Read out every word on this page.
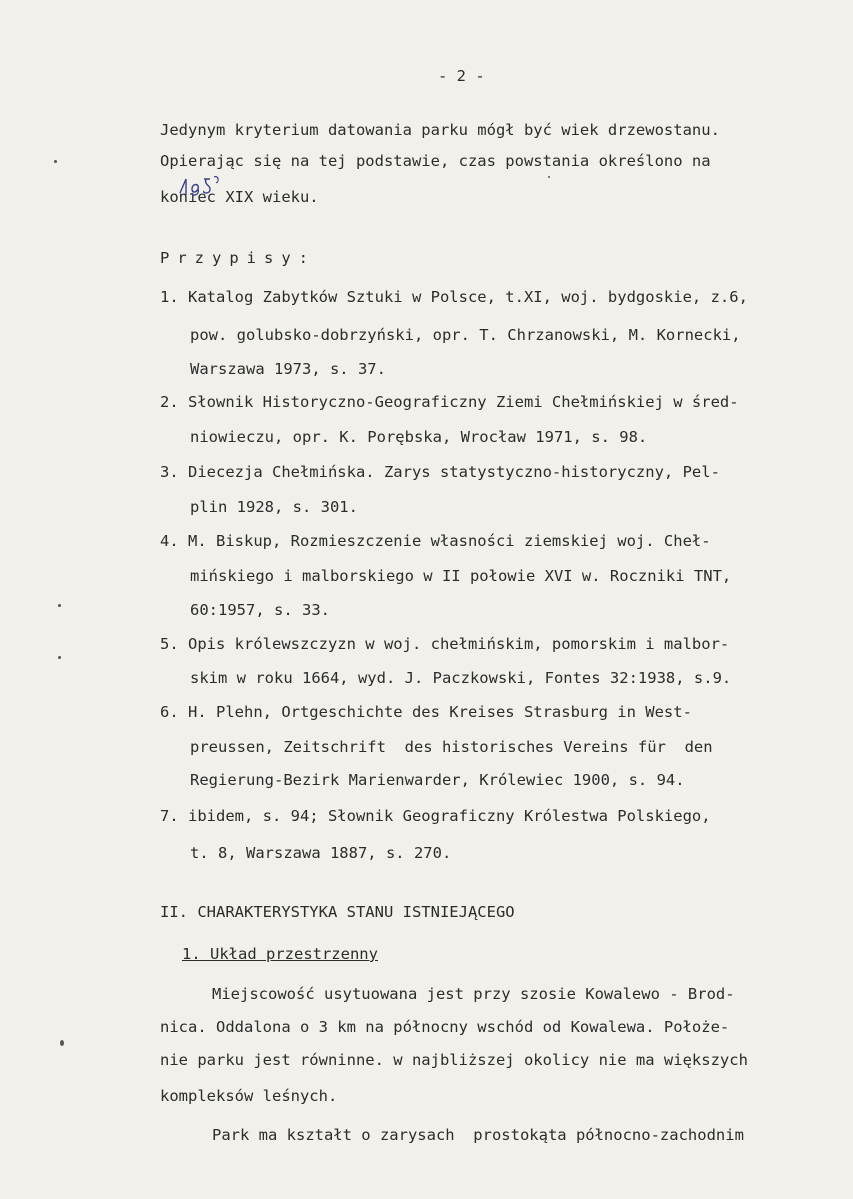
- 2 -
Jedynym kryterium datowania parku mógł być wiek drzewostanu.
Opierając się na tej podstawie, czas powstania określono na
koniec XIX wieku.
Przypisy:
1. Katalog Zabytków Sztuki w Polsce, t.XI, woj. bydgoskie, z.6,
pow. golubsko-dobrzyński, opr. T. Chrzanowski, M. Kornecki,
Warszawa 1973, s. 37.
2. Słownik Historyczno-Geograficzny Ziemi Chełmińskiej w śred-
niowieczu, opr. K. Porębska, Wrocław 1971, s. 98.
3. Diecezja Chełmińska. Zarys statystyczno-historyczny, Pel-
plin 1928, s. 301.
4. M. Biskup, Rozmieszczenie własności ziemskiej woj. Cheł-
mińskiego i malborskiego w II połowie XVI w. Roczniki TNT,
60:1957, s. 33.
5. Opis królewszczyzn w woj. chełmińskim, pomorskim i malbor-
skim w roku 1664, wyd. J. Paczkowski, Fontes 32:1938, s.9.
6. H. Plehn, Ortgeschichte des Kreises Strasburg in West-
preussen, Zeitschrift  des historisches Vereins für  den
Regierung-Bezirk Marienwarder, Królewiec 1900, s. 94.
7. ibidem, s. 94; Słownik Geograficzny Królestwa Polskiego,
t. 8, Warszawa 1887, s. 270.
II. CHARAKTERYSTYKA STANU ISTNIEJĄCEGO
1. Układ przestrzenny
Miejscowość usytuowana jest przy szosie Kowalewo - Brod-
nica. Oddalona o 3 km na północny wschód od Kowalewa. Położe-
nie parku jest równinne. w najbliższej okolicy nie ma większych
kompleksów leśnych.
Park ma kształt o zarysach  prostokąta północno-zachodnim
